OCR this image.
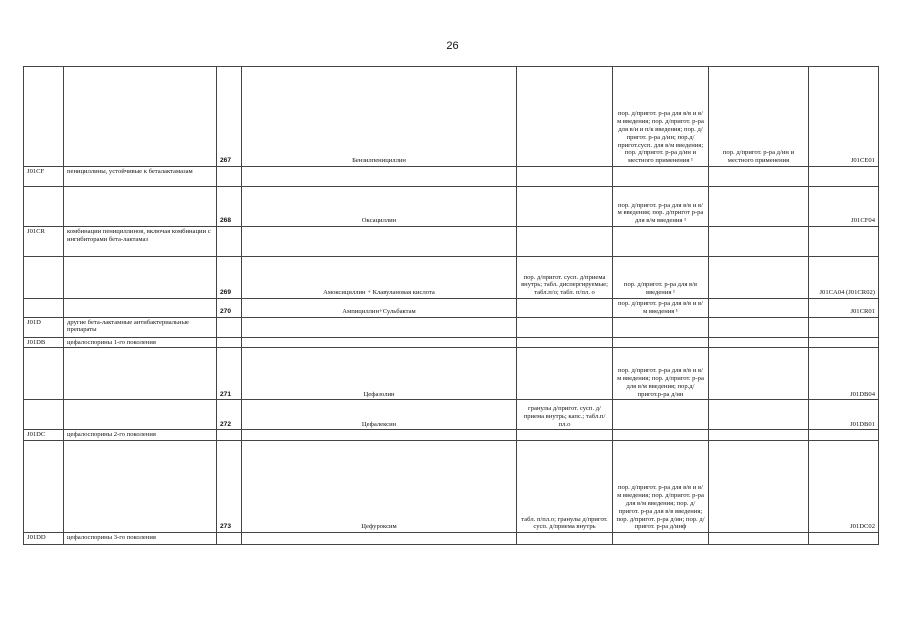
26
		267	Бензилпенициллин		пор. д/пригот. р-ра для в/в и в/м введения; пор. д/пригот. р-ра для в/и и п/к введения; пор. д/пригот. р-ра д/ин; пор.д/пригот.сусп. для в/м введения; пор. д/пригот. р-ра д/ин и местного применения ¹	пор. д/пригот. р-ра д/ин и местного применения	J01CE01
J01CF	пенициллины, устойчивые к беталактамазам						
		268	Оксациллин		пор. д/пригот. р-ра для в/в и в/м введения; пор. д/пригот р-ра для в/м введения ¹		J01CF04
J01CR	комбинации пенициллинов, включая комбинации с ингибиторами бета-лактамаз						
		269	Амоксициллин + Клавулановая кислота	пор. д/пригот. сусп. д/приема внутрь; табл. диспергируемые; табл.п/о; табл. п/пл. о	пор. д/пригот. р-ра для в/в введения ¹		J01CA04 (J01CR02)
		270	Ампициллин+Сульбактам		пор. д/пригот. р-ра для в/в и в/м введения ¹		J01CR01
J01D	другие бета-лактамные антибактериальные препараты						
J01DB	цефалоспорины 1-го поколения						
		271	Цефазолин		пор. д/пригот. р-ра для в/в и в/м введения; пор. д/пригот. р-ра для в/м введения; пор.д/пригот.р-ра д/ин		J01DB04
		272	Цефалексин	гранулы д/пригот. сусп. д/приема внутрь; капс.; табл.п/пл.о			J01DB01
J01DC	цефалоспорины 2-го поколения						
		273	Цефуроксим	табл. п/пл.о; гранулы д/пригот. сусп. д/приема внутрь	пор. д/пригот. р-ра для в/в и в/м введения; пор. д/пригот. р-ра для в/м введения; пор. д/пригот. р-ра для в/в введения; пор. д/пригот. р-ра д/ин; пор. д/пригот. р-ра д/инф		J01DC02
J01DD	цефалоспорины 3-го поколения						
